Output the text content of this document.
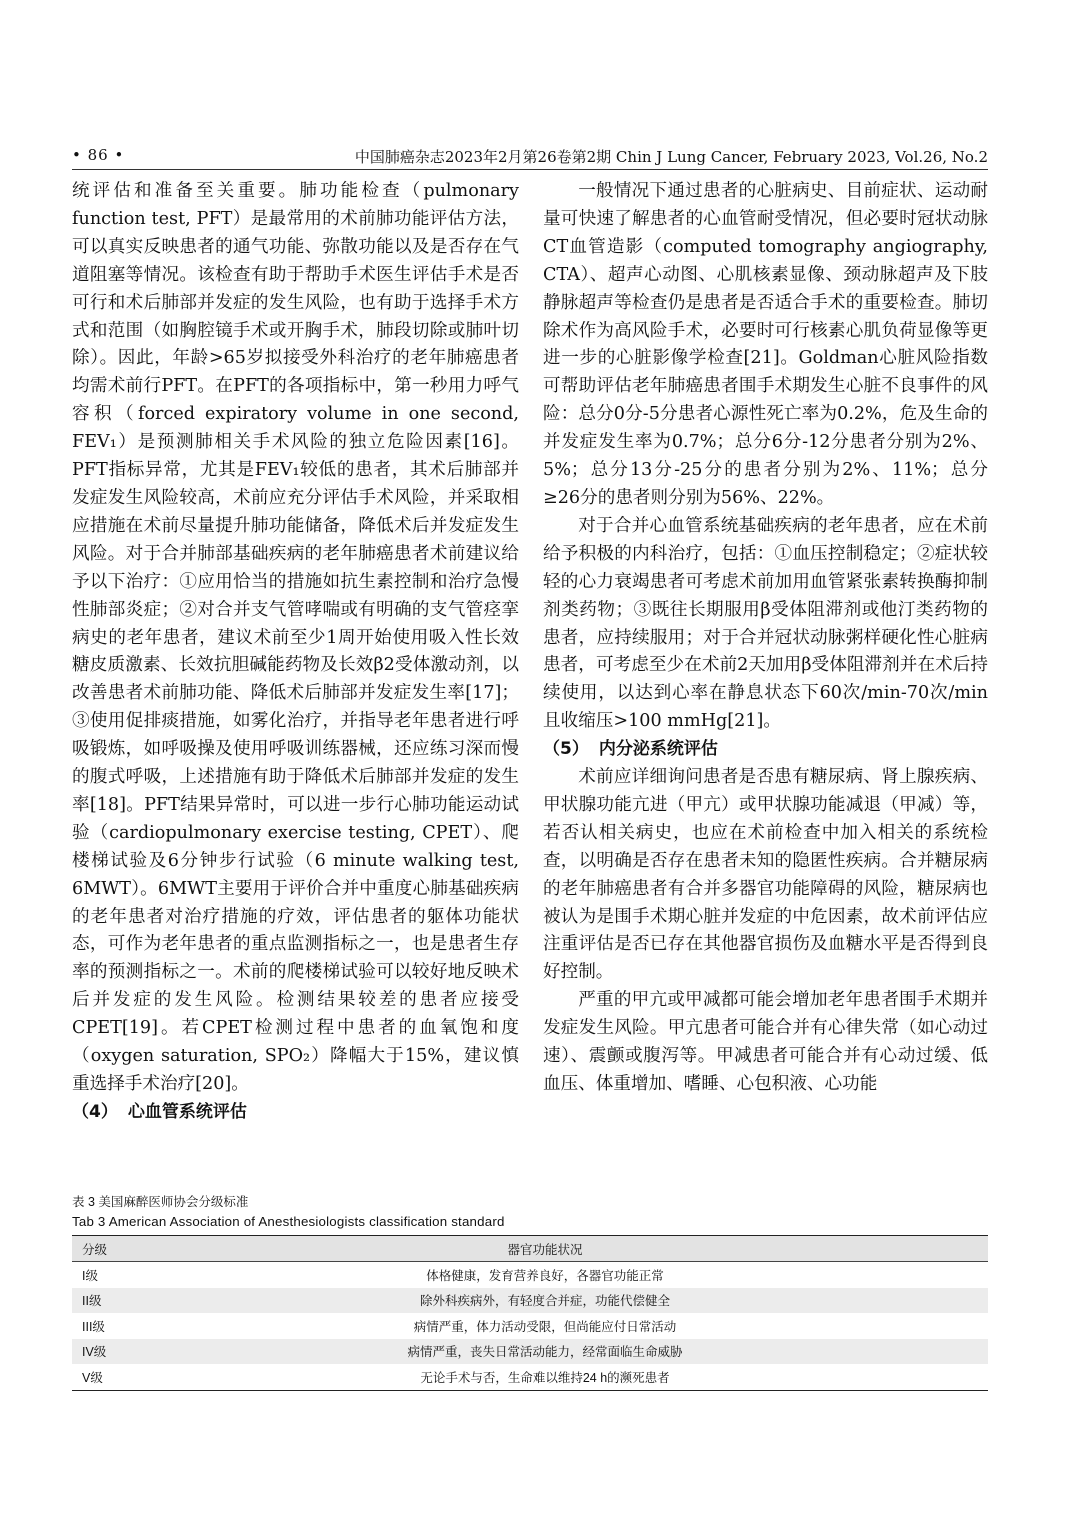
• 86 •	中国肺癌杂志2023年2月第26卷第2期 Chin J Lung Cancer, February 2023, Vol.26, No.2

统评估和准备至关重要。肺功能检查（pulmonary function test, PFT）是最常用的术前肺功能评估方法，可以真实反映患者的通气功能、弥散功能以及是否存在气道阻塞等情况。该检查有助于帮助手术医生评估手术是否可行和术后肺部并发症的发生风险，也有助于选择手术方式和范围（如胸腔镜手术或开胸手术，肺段切除或肺叶切除）。因此，年龄>65岁拟接受外科治疗的老年肺癌患者均需术前行PFT。在PFT的各项指标中，第一秒用力呼气容积（forced expiratory volume in one second, FEV₁）是预测肺相关手术风险的独立危险因素[16]。PFT指标异常，尤其是FEV₁较低的患者，其术后肺部并发症发生风险较高，术前应充分评估手术风险，并采取相应措施在术前尽量提升肺功能储备，降低术后并发症发生风险。对于合并肺部基础疾病的老年肺癌患者术前建议给予以下治疗：①应用恰当的措施如抗生素控制和治疗急慢性肺部炎症；②对合并支气管哮喘或有明确的支气管痉挛病史的老年患者，建议术前至少1周开始使用吸入性长效糖皮质激素、长效抗胆碱能药物及长效β2受体激动剂，以改善患者术前肺功能、降低术后肺部并发症发生率[17]；③使用促排痰措施，如雾化治疗，并指导老年患者进行呼吸锻炼，如呼吸操及使用呼吸训练器械，还应练习深而慢的腹式呼吸，上述措施有助于降低术后肺部并发症的发生率[18]。PFT结果异常时，可以进一步行心肺功能运动试验（cardiopulmonary exercise testing, CPET）、爬楼梯试验及6分钟步行试验（6 minute walking test, 6MWT）。6MWT主要用于评价合并中重度心肺基础疾病的老年患者对治疗措施的疗效，评估患者的躯体功能状态，可作为老年患者的重点监测指标之一，也是患者生存率的预测指标之一。术前的爬楼梯试验可以较好地反映术后并发症的发生风险。检测结果较差的患者应接受CPET[19]。若CPET检测过程中患者的血氧饱和度（oxygen saturation, SPO₂）降幅大于15%，建议慎重选择手术治疗[20]。

（4） 心血管系统评估

一般情况下通过患者的心脏病史、目前症状、运动耐量可快速了解患者的心血管耐受情况，但必要时冠状动脉CT血管造影（computed tomography angiography, CTA）、超声心动图、心肌核素显像、颈动脉超声及下肢静脉超声等检查仍是患者是否适合手术的重要检查。肺切除术作为高风险手术，必要时可行核素心肌负荷显像等更进一步的心脏影像学检查[21]。Goldman心脏风险指数可帮助评估老年肺癌患者围手术期发生心脏不良事件的风险：总分0分-5分患者心源性死亡率为0.2%，危及生命的并发症发生率为0.7%；总分6分-12分患者分别为2%、5%；总分13分-25分的患者分别为2%、11%；总分≥26分的患者则分别为56%、22%。

对于合并心血管系统基础疾病的老年患者，应在术前给予积极的内科治疗，包括：①血压控制稳定；②症状较轻的心力衰竭患者可考虑术前加用血管紧张素转换酶抑制剂类药物；③既往长期服用β受体阻滞剂或他汀类药物的患者，应持续服用；对于合并冠状动脉粥样硬化性心脏病患者，可考虑至少在术前2天加用β受体阻滞剂并在术后持续使用，以达到心率在静息状态下60次/min-70次/min且收缩压>100 mmHg[21]。

（5） 内分泌系统评估

术前应详细询问患者是否患有糖尿病、肾上腺疾病、甲状腺功能亢进（甲亢）或甲状腺功能减退（甲减）等，若否认相关病史，也应在术前检查中加入相关的系统检查，以明确是否存在患者未知的隐匿性疾病。合并糖尿病的老年肺癌患者有合并多器官功能障碍的风险，糖尿病也被认为是围手术期心脏并发症的中危因素，故术前评估应注重评估是否已存在其他器官损伤及血糖水平是否得到良好控制。

严重的甲亢或甲减都可能会增加老年患者围手术期并发症发生风险。甲亢患者可能合并有心律失常（如心动过速）、震颤或腹泻等。甲减患者可能合并有心动过缓、低血压、体重增加、嗜睡、心包积液、心功能

表 3 美国麻醉医师协会分级标准

Tab 3 American Association of Anesthesiologists classification standard

分级	器官功能状况
I级	体格健康，发育营养良好，各器官功能正常
II级	除外科疾病外，有轻度合并症，功能代偿健全
III级	病情严重，体力活动受限，但尚能应付日常活动
IV级	病情严重，丧失日常活动能力，经常面临生命威胁
V级	无论手术与否，生命难以维持24 h的濒死患者
